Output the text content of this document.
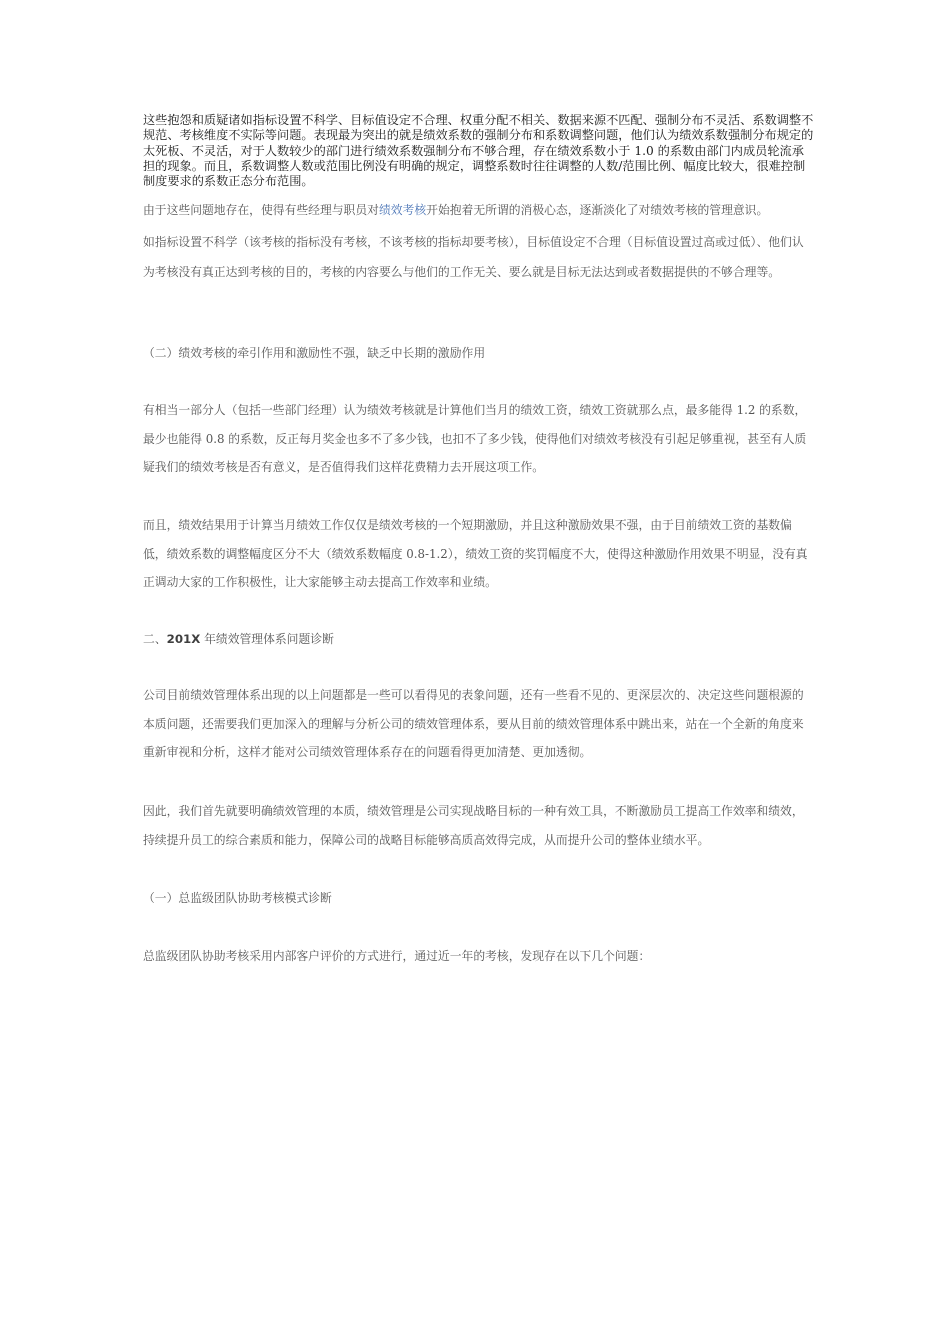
这些抱怨和质疑诸如指标设置不科学、目标值设定不合理、权重分配不相关、数据来源不匹配、强制分布不灵活、系数调整不规范、考核维度不实际等问题。表现最为突出的就是绩效系数的强制分布和系数调整问题，他们认为绩效系数强制分布规定的太死板、不灵活，对于人数较少的部门进行绩效系数强制分布不够合理，存在绩效系数小于 1.0 的系数由部门内成员轮流承担的现象。而且，系数调整人数或范围比例没有明确的规定，调整系数时往往调整的人数/范围比例、幅度比较大，很难控制制度要求的系数正态分布范围。

由于这些问题地存在，使得有些经理与职员对绩效考核开始抱着无所谓的消极心态，逐渐淡化了对绩效考核的管理意识。

如指标设置不科学（该考核的指标没有考核，不该考核的指标却要考核），目标值设定不合理（目标值设置过高或过低）、他们认为考核没有真正达到考核的目的，考核的内容要么与他们的工作无关、要么就是目标无法达到或者数据提供的不够合理等。

（二）绩效考核的牵引作用和激励性不强，缺乏中长期的激励作用

有相当一部分人（包括一些部门经理）认为绩效考核就是计算他们当月的绩效工资，绩效工资就那么点，最多能得 1.2 的系数，最少也能得 0.8 的系数，反正每月奖金也多不了多少钱，也扣不了多少钱，使得他们对绩效考核没有引起足够重视，甚至有人质疑我们的绩效考核是否有意义，是否值得我们这样花费精力去开展这项工作。

而且，绩效结果用于计算当月绩效工作仅仅是绩效考核的一个短期激励，并且这种激励效果不强，由于目前绩效工资的基数偏低，绩效系数的调整幅度区分不大（绩效系数幅度 0.8-1.2），绩效工资的奖罚幅度不大，使得这种激励作用效果不明显，没有真正调动大家的工作积极性，让大家能够主动去提高工作效率和业绩。

二、201X 年绩效管理体系问题诊断

公司目前绩效管理体系出现的以上问题都是一些可以看得见的表象问题，还有一些看不见的、更深层次的、决定这些问题根源的本质问题，还需要我们更加深入的理解与分析公司的绩效管理体系，要从目前的绩效管理体系中跳出来，站在一个全新的角度来重新审视和分析，这样才能对公司绩效管理体系存在的问题看得更加清楚、更加透彻。

因此，我们首先就要明确绩效管理的本质，绩效管理是公司实现战略目标的一种有效工具，不断激励员工提高工作效率和绩效，持续提升员工的综合素质和能力，保障公司的战略目标能够高质高效得完成，从而提升公司的整体业绩水平。

（一）总监级团队协助考核模式诊断

总监级团队协助考核采用内部客户评价的方式进行，通过近一年的考核，发现存在以下几个问题：
